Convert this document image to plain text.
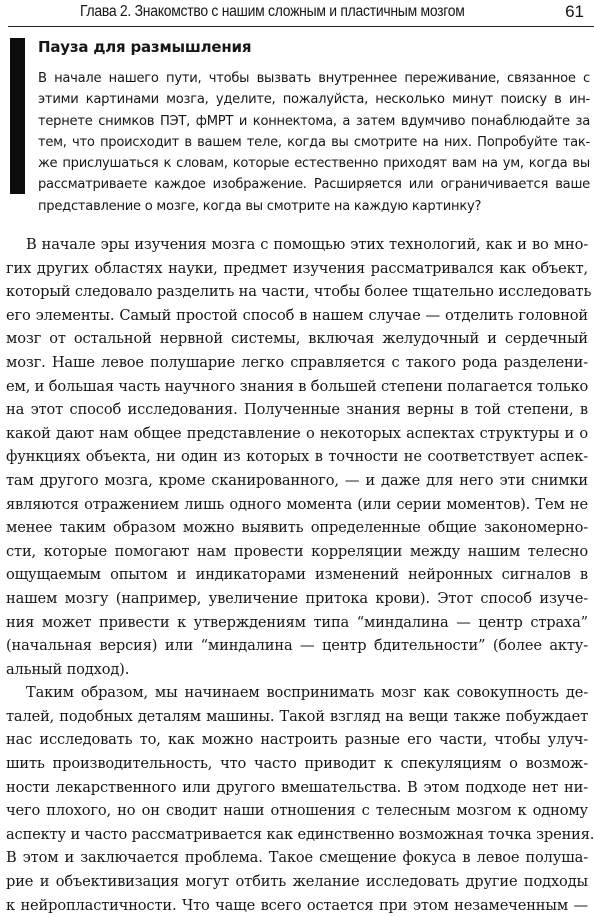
Глава 2. Знакомство с нашим сложным и пластичным мозгом	61
Пауза для размышления
В начале нашего пути, чтобы вызвать внутреннее переживание, связанное с
этими картинами мозга, уделите, пожалуйста, несколько минут поиску в ин-
тернете снимков ПЭТ, фМРТ и коннектома, а затем вдумчиво понаблюдайте за
тем, что происходит в вашем теле, когда вы смотрите на них. Попробуйте так-
же прислушаться к словам, которые естественно приходят вам на ум, когда вы
рассматриваете каждое изображение. Расширяется или ограничивается ваше
представление о мозге, когда вы смотрите на каждую картинку?
В начале эры изучения мозга с помощью этих технологий, как и во мно-
гих других областях науки, предмет изучения рассматривался как объект,
который следовало разделить на части, чтобы более тщательно исследовать
его элементы. Самый простой способ в нашем случае — отделить головной
мозг от остальной нервной системы, включая желудочный и сердечный
мозг. Наше левое полушарие легко справляется с такого рода разделени-
ем, и большая часть научного знания в большей степени полагается только
на этот способ исследования. Полученные знания верны в той степени, в
какой дают нам общее представление о некоторых аспектах структуры и о
функциях объекта, ни один из которых в точности не соответствует аспек-
там другого мозга, кроме сканированного, — и даже для него эти снимки
являются отражением лишь одного момента (или серии моментов). Тем не
менее таким образом можно выявить определенные общие закономерно-
сти, которые помогают нам провести корреляции между нашим телесно
ощущаемым опытом и индикаторами изменений нейронных сигналов в
нашем мозгу (например, увеличение притока крови). Этот способ изуче-
ния может привести к утверждениям типа “миндалина — центр страха”
(начальная версия) или “миндалина — центр бдительности” (более акту-
альный подход).
Таким образом, мы начинаем воспринимать мозг как совокупность де-
талей, подобных деталям машины. Такой взгляд на вещи также побуждает
нас исследовать то, как можно настроить разные его части, чтобы улуч-
шить производительность, что часто приводит к спекуляциям о возмож-
ности лекарственного или другого вмешательства. В этом подходе нет ни-
чего плохого, но он сводит наши отношения с телесным мозгом к одному
аспекту и часто рассматривается как единственно возможная точка зрения.
В этом и заключается проблема. Такое смещение фокуса в левое полуша-
рие и объективизация могут отбить желание исследовать другие подходы
к нейропластичности. Что чаще всего остается при этом незамеченным —
